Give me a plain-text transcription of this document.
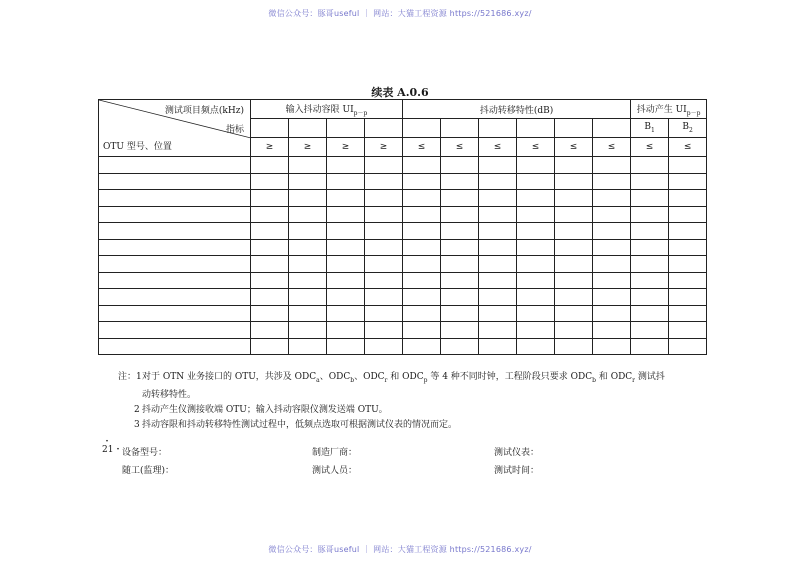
微信公众号：豚哥useful ｜ 网站：大猫工程资源 https://521686.xyz/
续表 A.0.6
测试项目频点(kHz)
指标
OTU 型号、位置	输入抖动容限 $UI_{p-p}$				抖动转移特性(dB)						抖动产生 $UI_{p-p}$
											$B_1$	$B_2$
	≥	≥	≥	≥	≤	≤	≤	≤	≤	≤	≤	≤

注：1 对于 OTN 业务接口的 OTU，共涉及 $ODC_a$、$ODC_b$、$ODC_r$ 和 $ODC_p$ 等 4 种不同时钟，工程阶段只要求 $ODC_b$ 和 $ODC_r$ 测试抖
动转移特性。
2 抖动产生仪测接收端 OTU；输入抖动容限仪测发送端 OTU。
3 抖动容限和抖动转移特性测试过程中，低频点选取可根据测试仪表的情况而定。
・21・ 设备型号：	制造厂商：	测试仪表：
随工(监理)：	测试人员：	测试时间：
微信公众号：豚哥useful ｜ 网站：大猫工程资源 https://521686.xyz/
